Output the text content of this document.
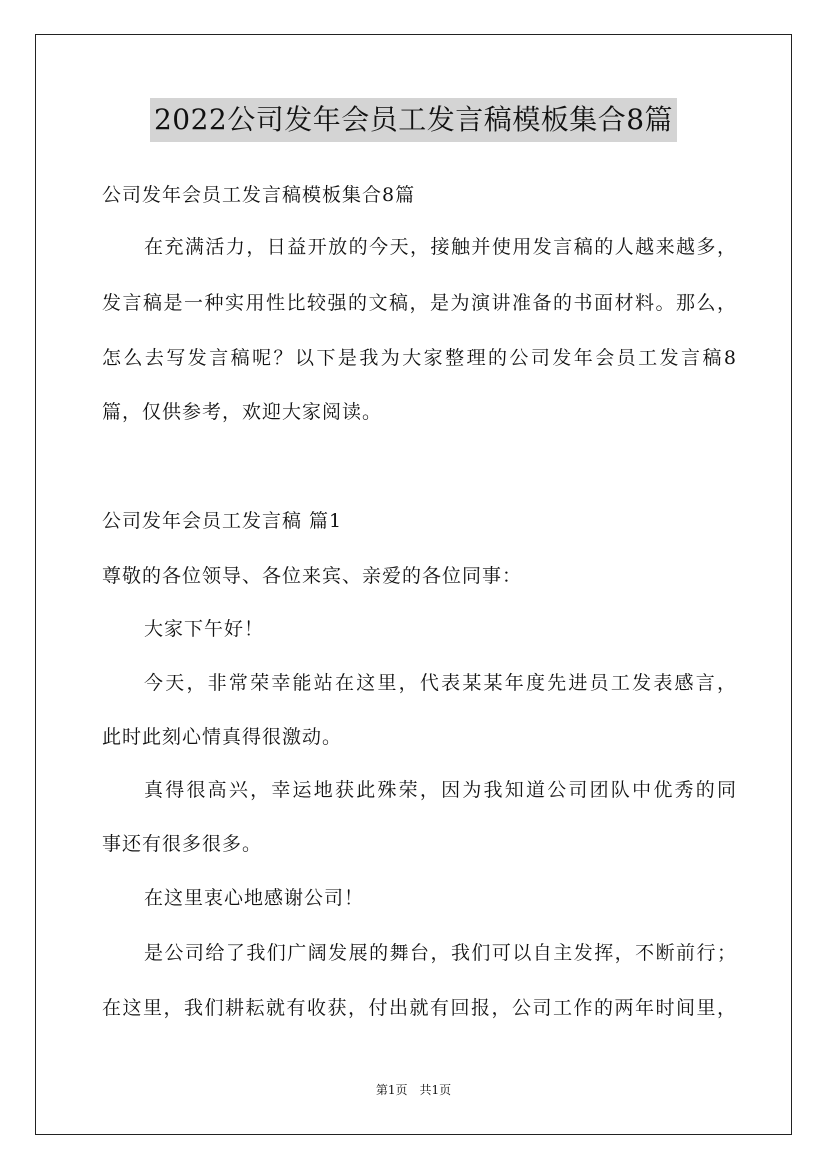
2022公司发年会员工发言稿模板集合8篇
公司发年会员工发言稿模板集合8篇
在充满活力，日益开放的今天，接触并使用发言稿的人越来越多，
发言稿是一种实用性比较强的文稿，是为演讲准备的书面材料。那么，
怎么去写发言稿呢？以下是我为大家整理的公司发年会员工发言稿8
篇，仅供参考，欢迎大家阅读。
公司发年会员工发言稿 篇1
尊敬的各位领导、各位来宾、亲爱的各位同事：
大家下午好！
今天，非常荣幸能站在这里，代表某某年度先进员工发表感言，
此时此刻心情真得很激动。
真得很高兴，幸运地获此殊荣，因为我知道公司团队中优秀的同
事还有很多很多。
在这里衷心地感谢公司！
是公司给了我们广阔发展的舞台，我们可以自主发挥，不断前行；
在这里，我们耕耘就有收获，付出就有回报，公司工作的两年时间里，
第1页　共1页
